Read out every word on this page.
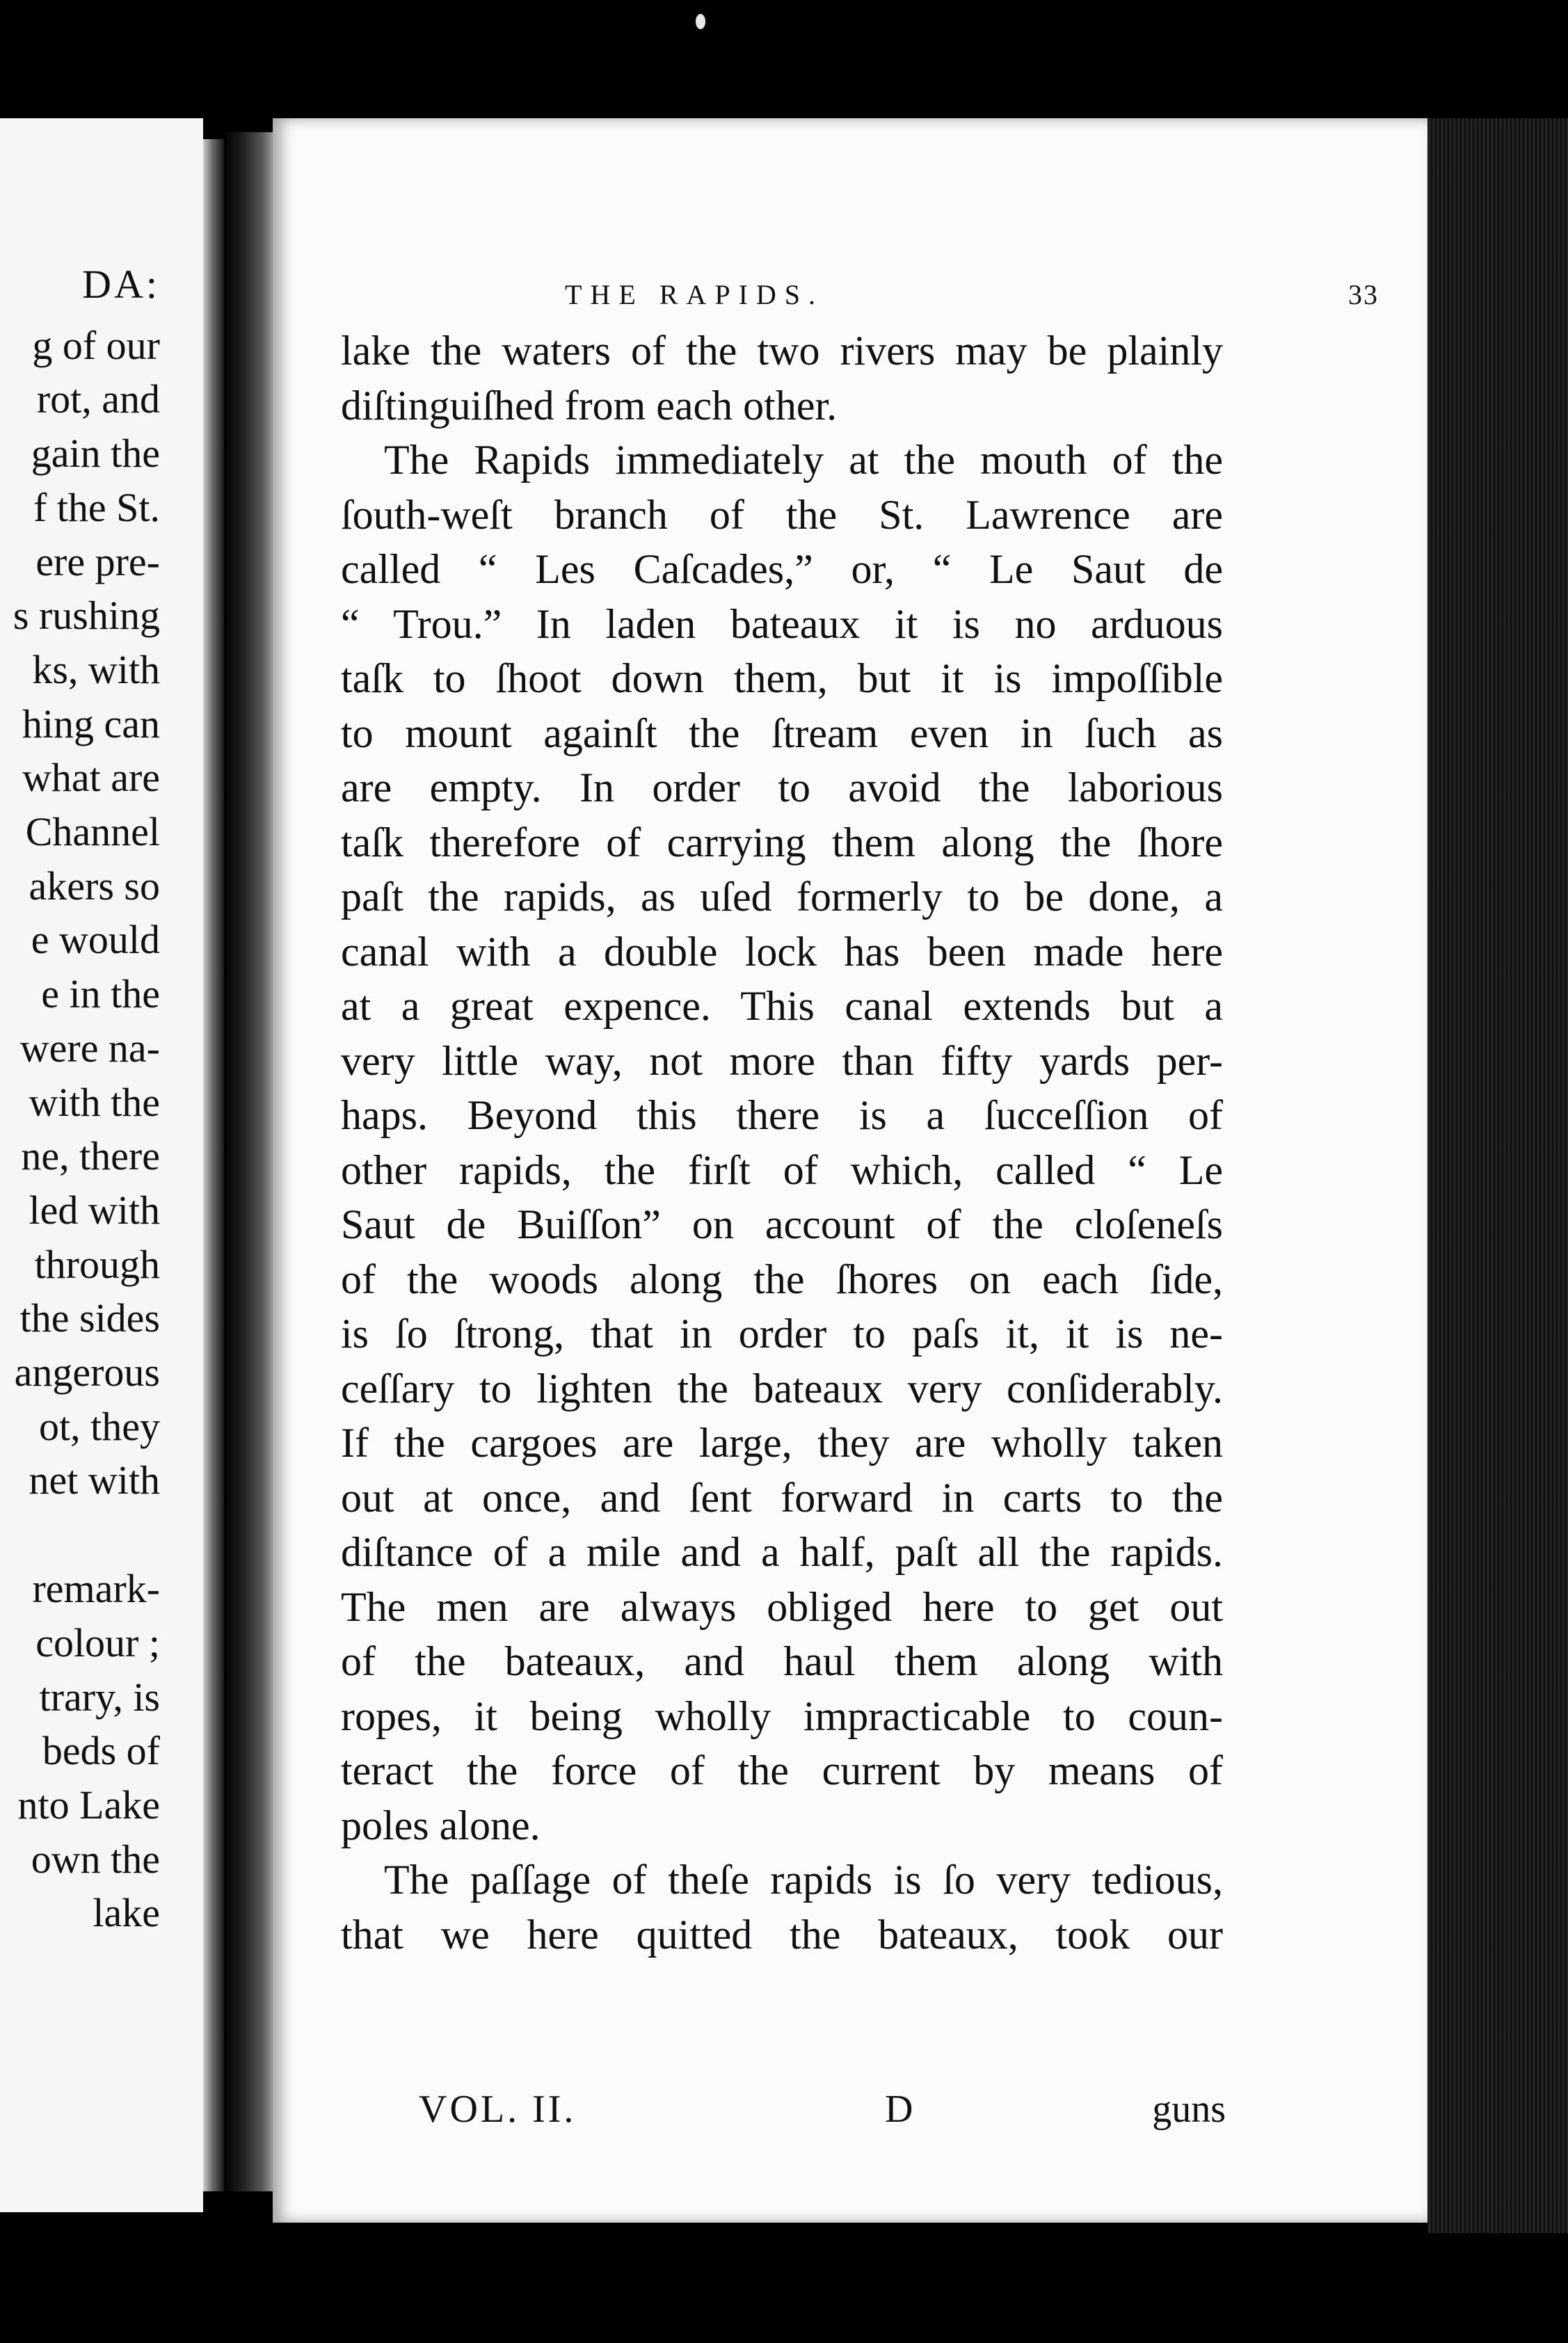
DA:
g of our
rot, and
gain the
f the St.
ere pre-
s rushing
ks, with
hing can
what are
Channel
akers so
e would
e in the
were na-
with the
ne, there
led with
through
the sides
angerous
ot, they
net with
remark-
colour ;
trary, is
beds of
nto Lake
own the
lake
THE RAPIDS.	33
lake the waters of the two rivers may be plainly
diſtinguiſhed from each other.
The Rapids immediately at the mouth of the
ſouth-weſt branch of the St. Lawrence are
called “ Les Caſcades,” or, “ Le Saut de
“ Trou.” In laden bateaux it is no arduous
taſk to ſhoot down them, but it is impoſſible
to mount againſt the ſtream even in ſuch as
are empty. In order to avoid the laborious
taſk therefore of carrying them along the ſhore
paſt the rapids, as uſed formerly to be done, a
canal with a double lock has been made here
at a great expence. This canal extends but a
very little way, not more than fifty yards per-
haps. Beyond this there is a ſucceſſion of
other rapids, the firſt of which, called “ Le
Saut de Buiſſon” on account of the cloſeneſs
of the woods along the ſhores on each ſide,
is ſo ſtrong, that in order to paſs it, it is ne-
ceſſary to lighten the bateaux very conſiderably.
If the cargoes are large, they are wholly taken
out at once, and ſent forward in carts to the
diſtance of a mile and a half, paſt all the rapids.
The men are always obliged here to get out
of the bateaux, and haul them along with
ropes, it being wholly impracticable to coun-
teract the force of the current by means of
poles alone.
The paſſage of theſe rapids is ſo very tedious,
that we here quitted the bateaux, took our
VOL. II.	D	guns
